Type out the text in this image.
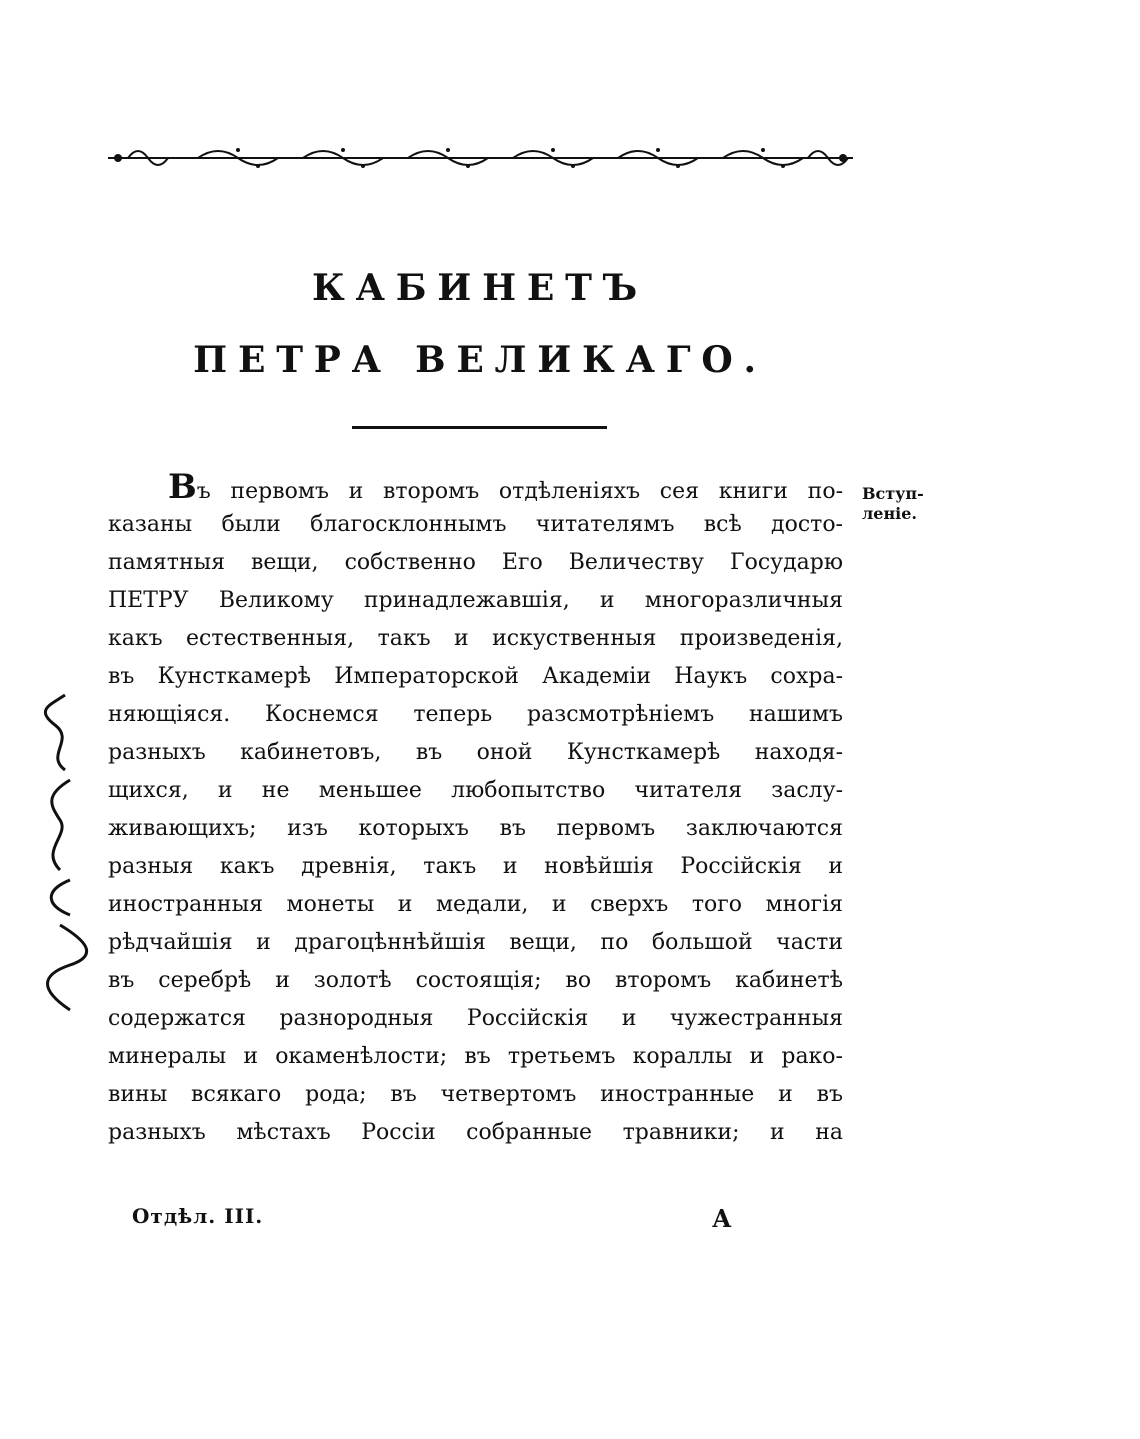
КАБИНЕТЪ
ПЕТРА ВЕЛИКАГО.
Вступ-
леніе.
Въ первомъ и второмъ отдѣленіяхъ сея книги по-
казаны были благосклоннымъ читателямъ всѣ достo-
памятныя вещи, собственно Его Величеству Государю
ПЕТРУ Великому принадлежавшія, и многоразличныя
какъ естественныя, такъ и искуственныя произведенія,
въ Кунсткамерѣ Императорской Академіи Наукъ сохра-
няющіяся. Коснемся теперь разсмотрѣніемъ нашимъ
разныхъ кабинетовъ, въ оной Кунсткамерѣ находя-
щихся, и не меньшее любопытство читателя заслу-
живающихъ; изъ которыхъ въ первомъ заключаются
разныя какъ древнія, такъ и новѣйшія Россійскія и
иностранныя монеты и медали, и сверхъ того многія
рѣдчайшія и драгоцѣннѣйшія вещи, по большой части
въ серебрѣ и золотѣ состоящія; во второмъ кабинетѣ
содержатся разнородныя Россійскія и чужестранныя
минералы и окаменѣлости; въ третьемъ кораллы и рако-
вины всякаго рода; въ четвертомъ иностранные и въ
разныхъ мѣстахъ Россіи собранные травники; и на
Отдѣл. III.	А
